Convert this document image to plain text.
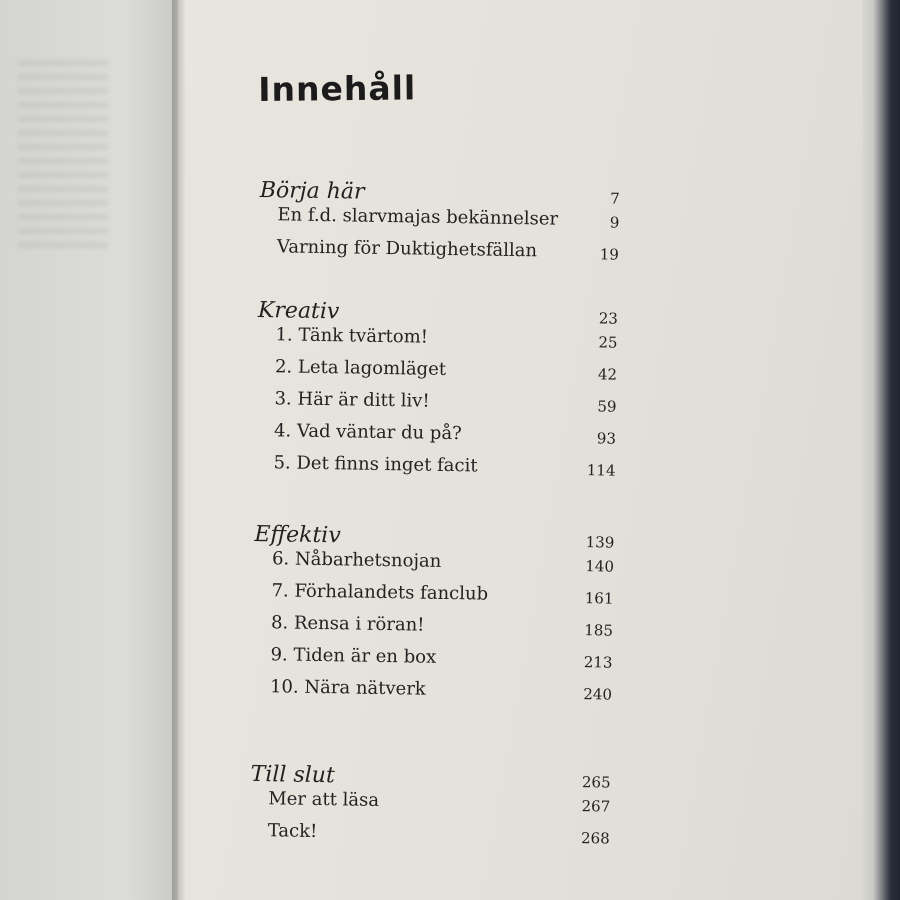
Innehåll
Börja här	7
En f.d. slarvmajas bekännelser	9
Varning för Duktighetsfällan	19
Kreativ	23
1. Tänk tvärtom!	25
2. Leta lagomläget	42
3. Här är ditt liv!	59
4. Vad väntar du på?	93
5. Det finns inget facit	114
Effektiv	139
6. Nåbarhetsnojan	140
7. Förhalandets fanclub	161
8. Rensa i röran!	185
9. Tiden är en box	213
10. Nära nätverk	240
Till slut	265
Mer att läsa	267
Tack!	268
